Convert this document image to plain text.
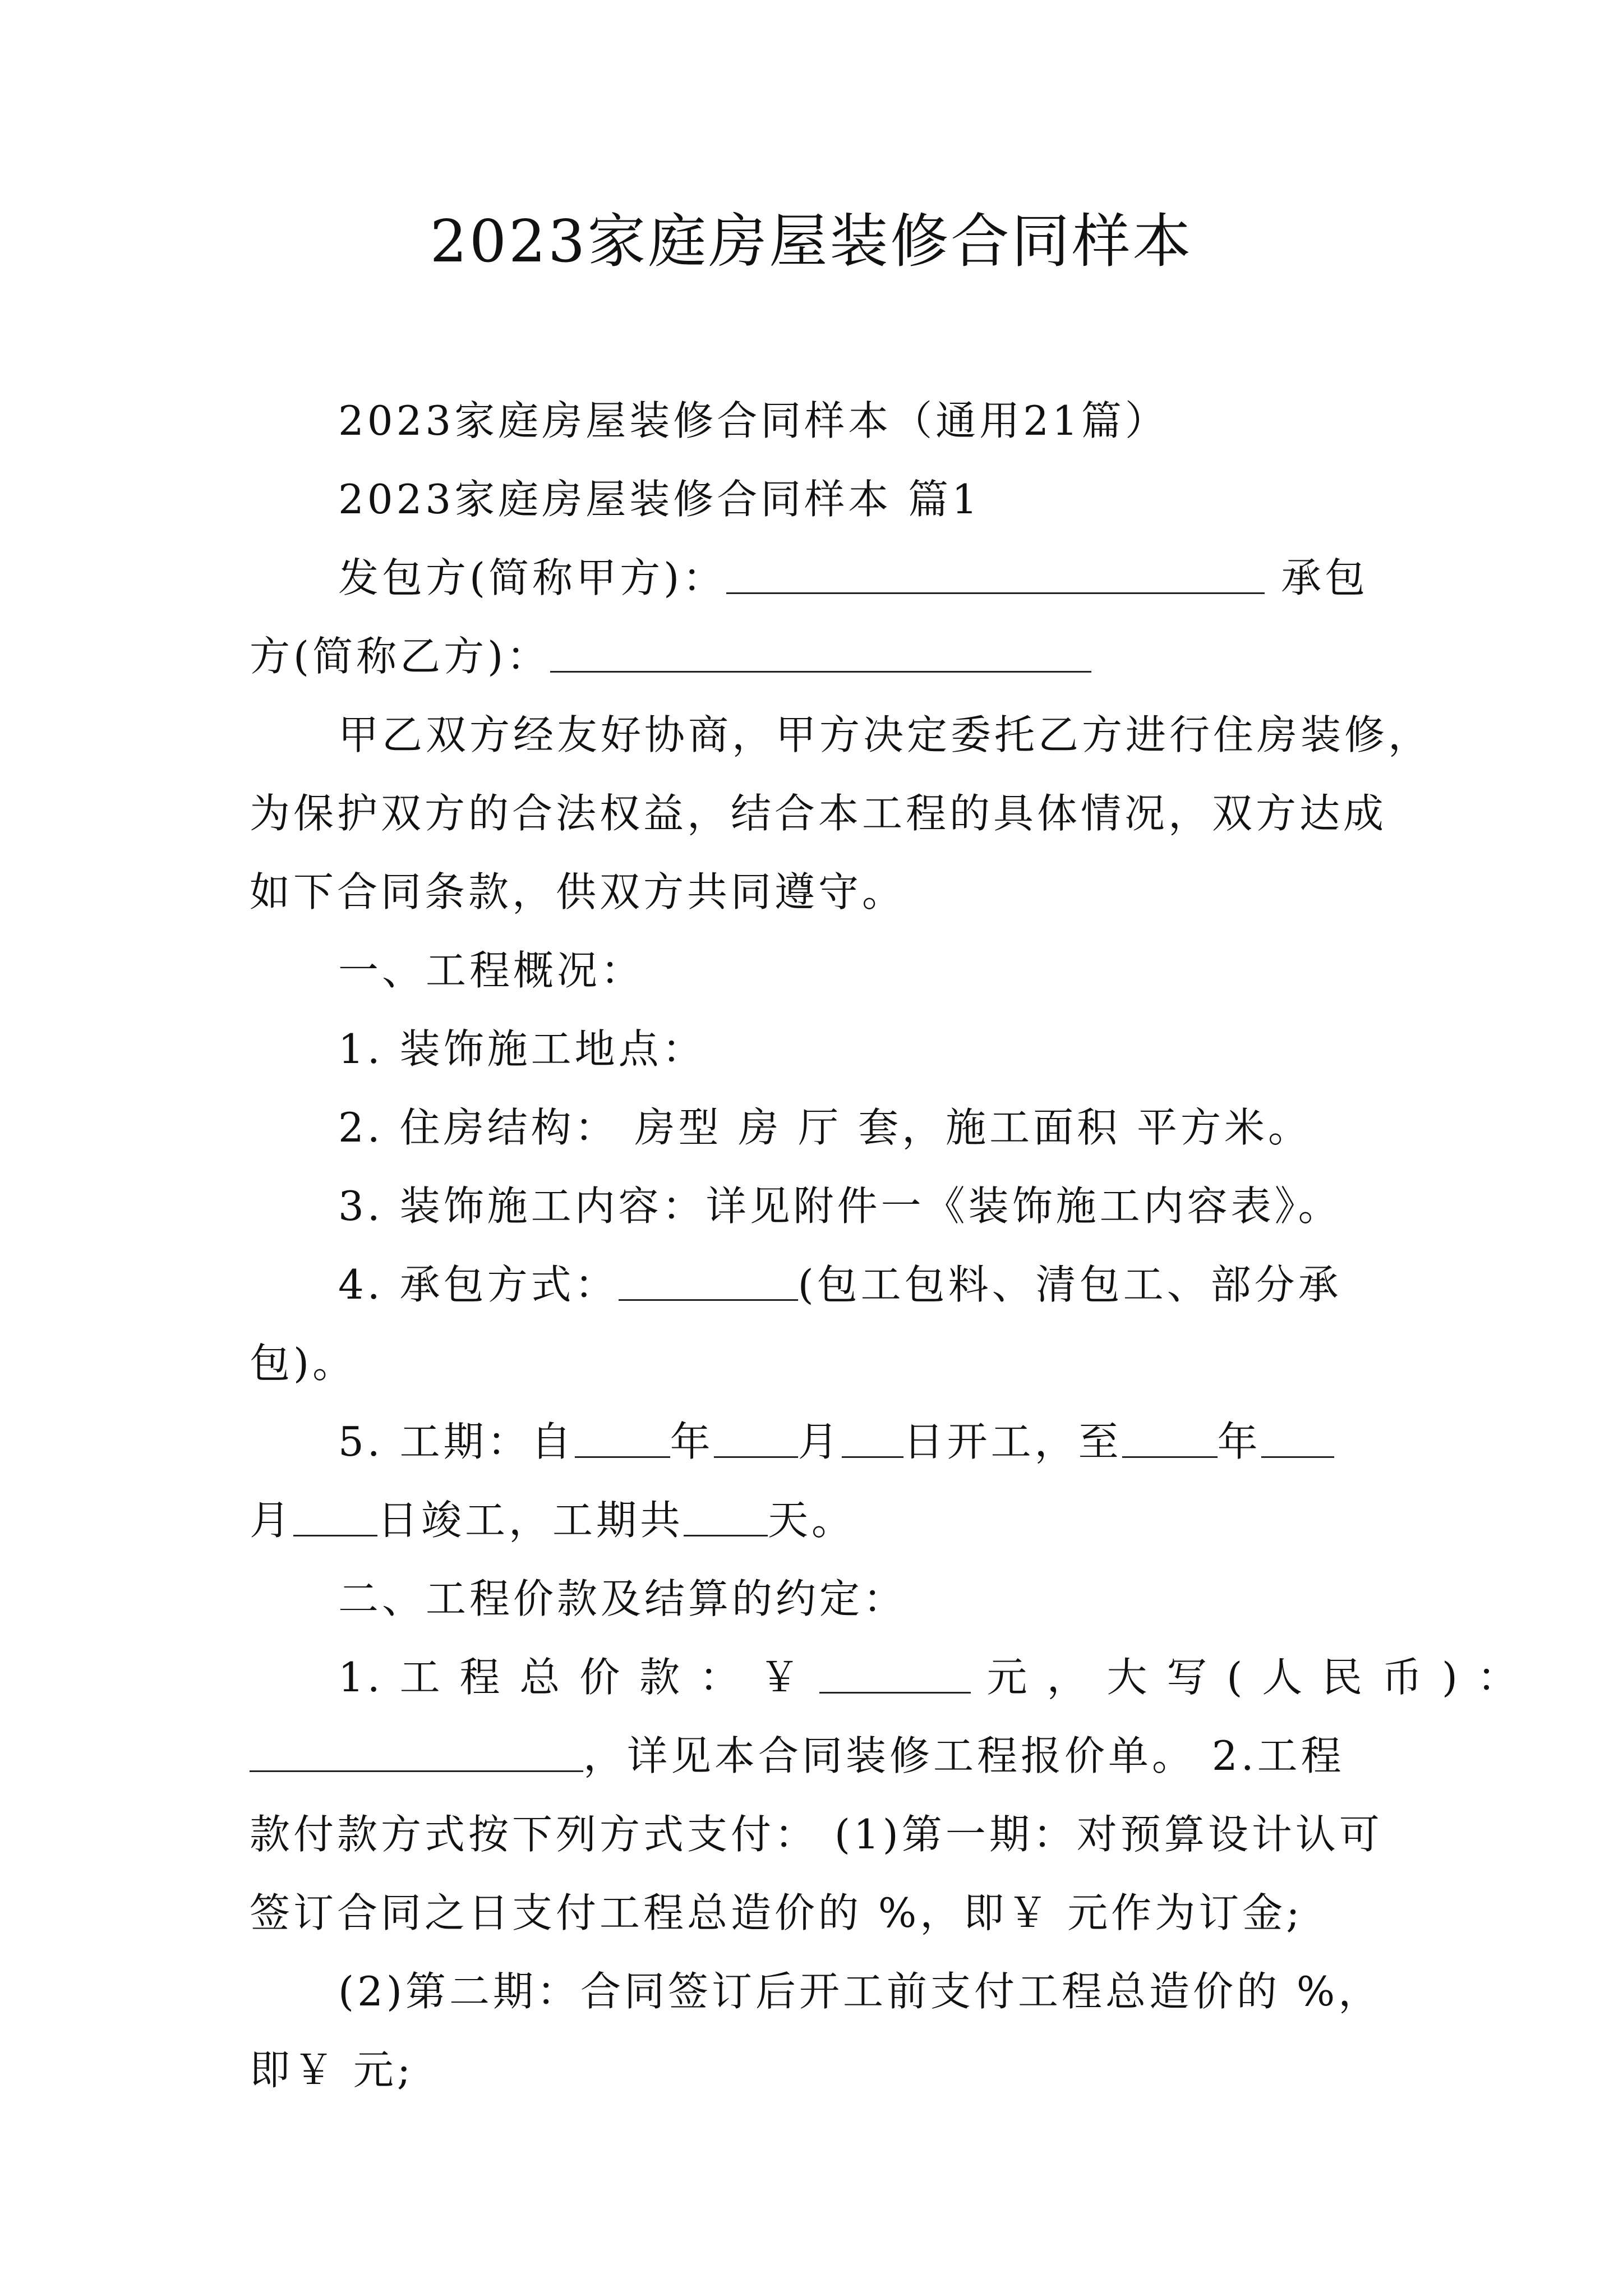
2023家庭房屋装修合同样本
2023家庭房屋装修合同样本（通用21篇）
2023家庭房屋装修合同样本 篇1
发包方(简称甲方)：	承包
方(简称乙方)：
甲乙双方经友好协商，甲方决定委托乙方进行住房装修，
为保护双方的合法权益，结合本工程的具体情况，双方达成
如下合同条款，供双方共同遵守。
一、工程概况：
1. 装饰施工地点：
2. 住房结构： 房型 房 厅 套，施工面积 平方米。
3. 装饰施工内容：详见附件一《装饰施工内容表》。
4. 承包方式：	(包工包料、清包工、部分承
包)。
5. 工期：自 年 月 日开工，至 年
月 日竣工，工期共 天。
二、工程价款及结算的约定：
1. 工 程 总 价 款 ： ￥	元 ， 大 写 ( 人 民 币 ) ：
，详见本合同装修工程报价单。 2.工程
款付款方式按下列方式支付： (1)第一期：对预算设计认可
签订合同之日支付工程总造价的 %，即￥ 元作为订金;
(2)第二期：合同签订后开工前支付工程总造价的 %，
即￥ 元;
